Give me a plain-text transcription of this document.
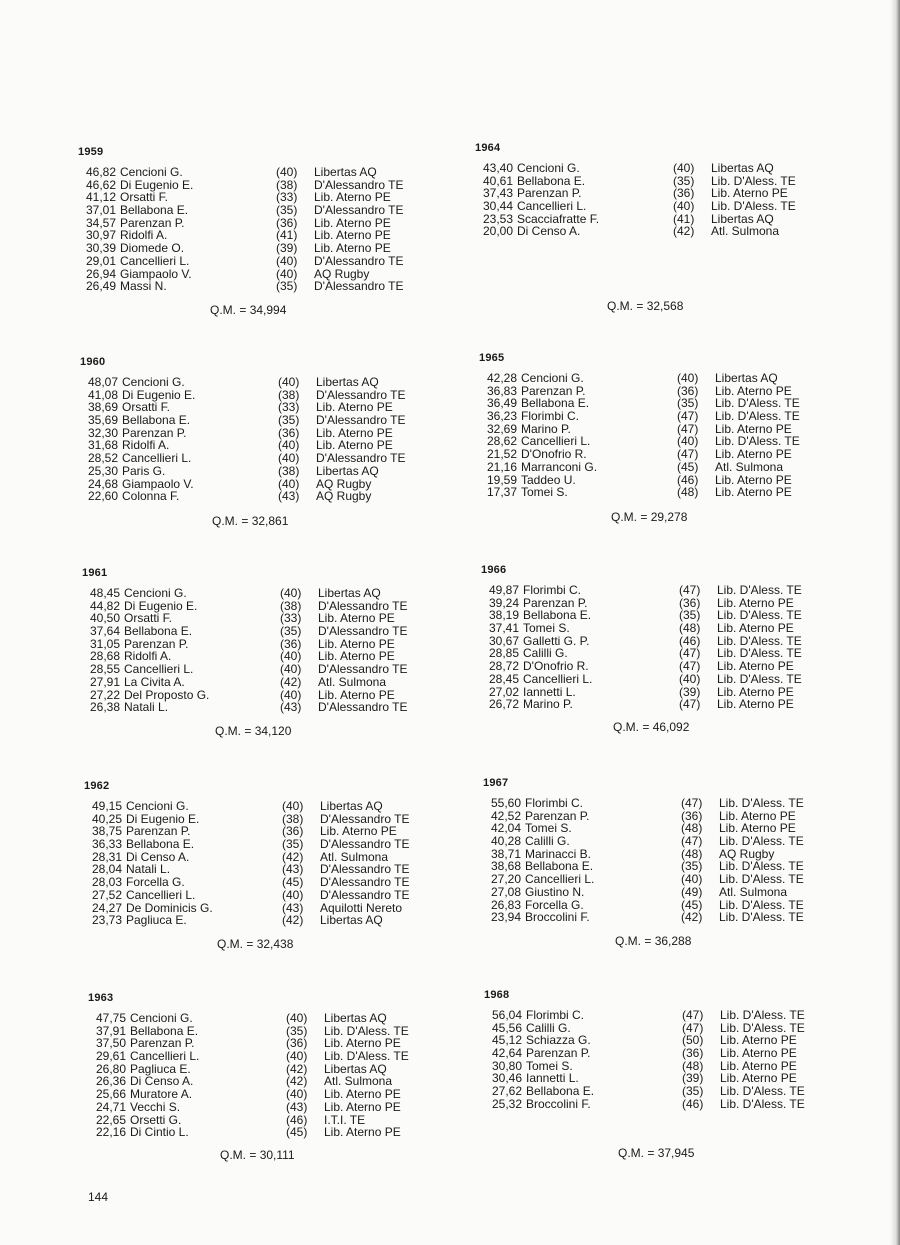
1959
46,82 Cencioni G.	(40) Libertas AQ
46,62 Di Eugenio E.	(38) D'Alessandro TE
41,12 Orsatti F.	(33) Lib. Aterno PE
37,01 Bellabona E.	(35) D'Alessandro TE
34,57 Parenzan P.	(36) Lib. Aterno PE
30,97 Ridolfi A.	(41) Lib. Aterno PE
30,39 Diomede O.	(39) Lib. Aterno PE
29,01 Cancellieri L.	(40) D'Alessandro TE
26,94 Giampaolo V.	(40) AQ Rugby
26,49 Massi N.	(35) D'Alessandro TE
Q.M. = 34,994
1960
48,07 Cencioni G.	(40) Libertas AQ
41,08 Di Eugenio E.	(38) D'Alessandro TE
38,69 Orsatti F.	(33) Lib. Aterno PE
35,69 Bellabona E.	(35) D'Alessandro TE
32,30 Parenzan P.	(36) Lib. Aterno PE
31,68 Ridolfi A.	(40) Lib. Aterno PE
28,52 Cancellieri L.	(40) D'Alessandro TE
25,30 Paris G.	(38) Libertas AQ
24,68 Giampaolo V.	(40) AQ Rugby
22,60 Colonna F.	(43) AQ Rugby
Q.M. = 32,861
1961
48,45 Cencioni G.	(40) Libertas AQ
44,82 Di Eugenio E.	(38) D'Alessandro TE
40,50 Orsatti F.	(33) Lib. Aterno PE
37,64 Bellabona E.	(35) D'Alessandro TE
31,05 Parenzan P.	(36) Lib. Aterno PE
28,68 Ridolfi A.	(40) Lib. Aterno PE
28,55 Cancellieri L.	(40) D'Alessandro TE
27,91 La Civita A.	(42) Atl. Sulmona
27,22 Del Proposto G.	(40) Lib. Aterno PE
26,38 Natali L.	(43) D'Alessandro TE
Q.M. = 34,120
1962
49,15 Cencioni G.	(40) Libertas AQ
40,25 Di Eugenio E.	(38) D'Alessandro TE
38,75 Parenzan P.	(36) Lib. Aterno PE
36,33 Bellabona E.	(35) D'Alessandro TE
28,31 Di Censo A.	(42) Atl. Sulmona
28,04 Natali L.	(43) D'Alessandro TE
28,03 Forcella G.	(45) D'Alessandro TE
27,52 Cancellieri L.	(40) D'Alessandro TE
24,27 De Dominicis G.	(43) Aquilotti Nereto
23,73 Pagliuca E.	(42) Libertas AQ
Q.M. = 32,438
1963
47,75 Cencioni G.	(40) Libertas AQ
37,91 Bellabona E.	(35) Lib. D'Aless. TE
37,50 Parenzan P.	(36) Lib. Aterno PE
29,61 Cancellieri L.	(40) Lib. D'Aless. TE
26,80 Pagliuca E.	(42) Libertas AQ
26,36 Di Censo A.	(42) Atl. Sulmona
25,66 Muratore A.	(40) Lib. Aterno PE
24,71 Vecchi S.	(43) Lib. Aterno PE
22,65 Orsetti G.	(46) I.T.I. TE
22,16 Di Cintio L.	(45) Lib. Aterno PE
Q.M. = 30,111
1964
43,40 Cencioni G.	(40) Libertas AQ
40,61 Bellabona E.	(35) Lib. D'Aless. TE
37,43 Parenzan P.	(36) Lib. Aterno PE
30,44 Cancellieri L.	(40) Lib. D'Aless. TE
23,53 Scacciafratte F.	(41) Libertas AQ
20,00 Di Censo A.	(42) Atl. Sulmona
Q.M. = 32,568
1965
42,28 Cencioni G.	(40) Libertas AQ
36,83 Parenzan P.	(36) Lib. Aterno PE
36,49 Bellabona E.	(35) Lib. D'Aless. TE
36,23 Florimbi C.	(47) Lib. D'Aless. TE
32,69 Marino P.	(47) Lib. Aterno PE
28,62 Cancellieri L.	(40) Lib. D'Aless. TE
21,52 D'Onofrio R.	(47) Lib. Aterno PE
21,16 Marranconi G.	(45) Atl. Sulmona
19,59 Taddeo U.	(46) Lib. Aterno PE
17,37 Tomei S.	(48) Lib. Aterno PE
Q.M. = 29,278
1966
49,87 Florimbi C.	(47) Lib. D'Aless. TE
39,24 Parenzan P.	(36) Lib. Aterno PE
38,19 Bellabona E.	(35) Lib. D'Aless. TE
37,41 Tomei S.	(48) Lib. Aterno PE
30,67 Galletti G. P.	(46) Lib. D'Aless. TE
28,85 Calilli G.	(47) Lib. D'Aless. TE
28,72 D'Onofrio R.	(47) Lib. Aterno PE
28,45 Cancellieri L.	(40) Lib. D'Aless. TE
27,02 Iannetti L.	(39) Lib. Aterno PE
26,72 Marino P.	(47) Lib. Aterno PE
Q.M. = 46,092
1967
55,60 Florimbi C.	(47) Lib. D'Aless. TE
42,52 Parenzan P.	(36) Lib. Aterno PE
42,04 Tomei S.	(48) Lib. Aterno PE
40,28 Calilli G.	(47) Lib. D'Aless. TE
38,71 Marinacci B.	(48) AQ Rugby
38,68 Bellabona E.	(35) Lib. D'Aless. TE
27,20 Cancellieri L.	(40) Lib. D'Aless. TE
27,08 Giustino N.	(49) Atl. Sulmona
26,83 Forcella G.	(45) Lib. D'Aless. TE
23,94 Broccolini F.	(42) Lib. D'Aless. TE
Q.M. = 36,288
1968
56,04 Florimbi C.	(47) Lib. D'Aless. TE
45,56 Calilli G.	(47) Lib. D'Aless. TE
45,12 Schiazza G.	(50) Lib. Aterno PE
42,64 Parenzan P.	(36) Lib. Aterno PE
30,80 Tomei S.	(48) Lib. Aterno PE
30,46 Iannetti L.	(39) Lib. Aterno PE
27,62 Bellabona E.	(35) Lib. D'Aless. TE
25,32 Broccolini F.	(46) Lib. D'Aless. TE
Q.M. = 37,945
144
